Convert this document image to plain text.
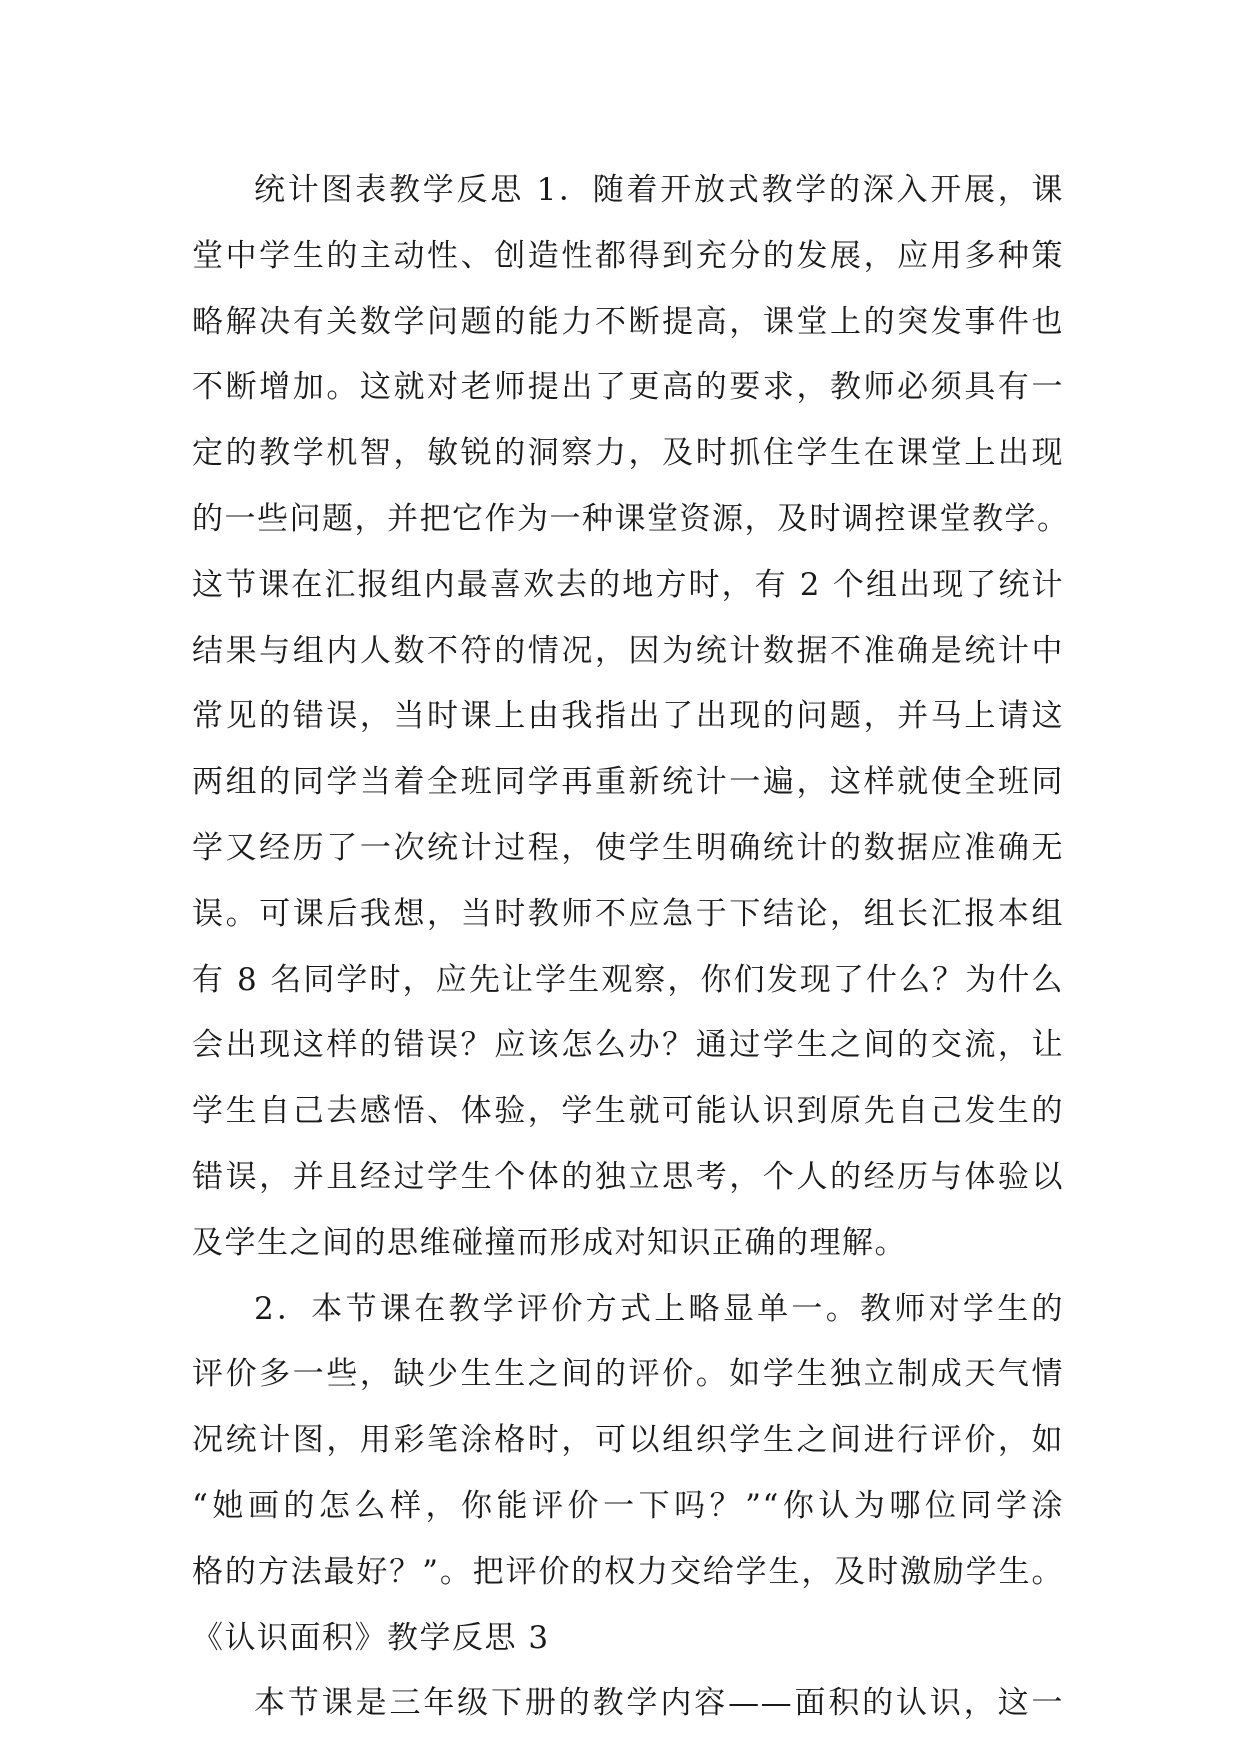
统计图表教学反思 1．随着开放式教学的深入开展，课
堂中学生的主动性、创造性都得到充分的发展，应用多种策
略解决有关数学问题的能力不断提高，课堂上的突发事件也
不断增加。这就对老师提出了更高的要求，教师必须具有一
定的教学机智，敏锐的洞察力，及时抓住学生在课堂上出现
的一些问题，并把它作为一种课堂资源，及时调控课堂教学。
这节课在汇报组内最喜欢去的地方时，有 2 个组出现了统计
结果与组内人数不符的情况，因为统计数据不准确是统计中
常见的错误，当时课上由我指出了出现的问题，并马上请这
两组的同学当着全班同学再重新统计一遍，这样就使全班同
学又经历了一次统计过程，使学生明确统计的数据应准确无
误。可课后我想，当时教师不应急于下结论，组长汇报本组
有 8 名同学时，应先让学生观察，你们发现了什么？为什么
会出现这样的错误？应该怎么办？通过学生之间的交流，让
学生自己去感悟、体验，学生就可能认识到原先自己发生的
错误，并且经过学生个体的独立思考，个人的经历与体验以
及学生之间的思维碰撞而形成对知识正确的理解。
2．本节课在教学评价方式上略显单一。教师对学生的
评价多一些，缺少生生之间的评价。如学生独立制成天气情
况统计图，用彩笔涂格时，可以组织学生之间进行评价，如
“她画的怎么样，你能评价一下吗？”“你认为哪位同学涂
格的方法最好？”。把评价的权力交给学生，及时激励学生。
《认识面积》教学反思 3
本节课是三年级下册的教学内容——面积的认识，这一
